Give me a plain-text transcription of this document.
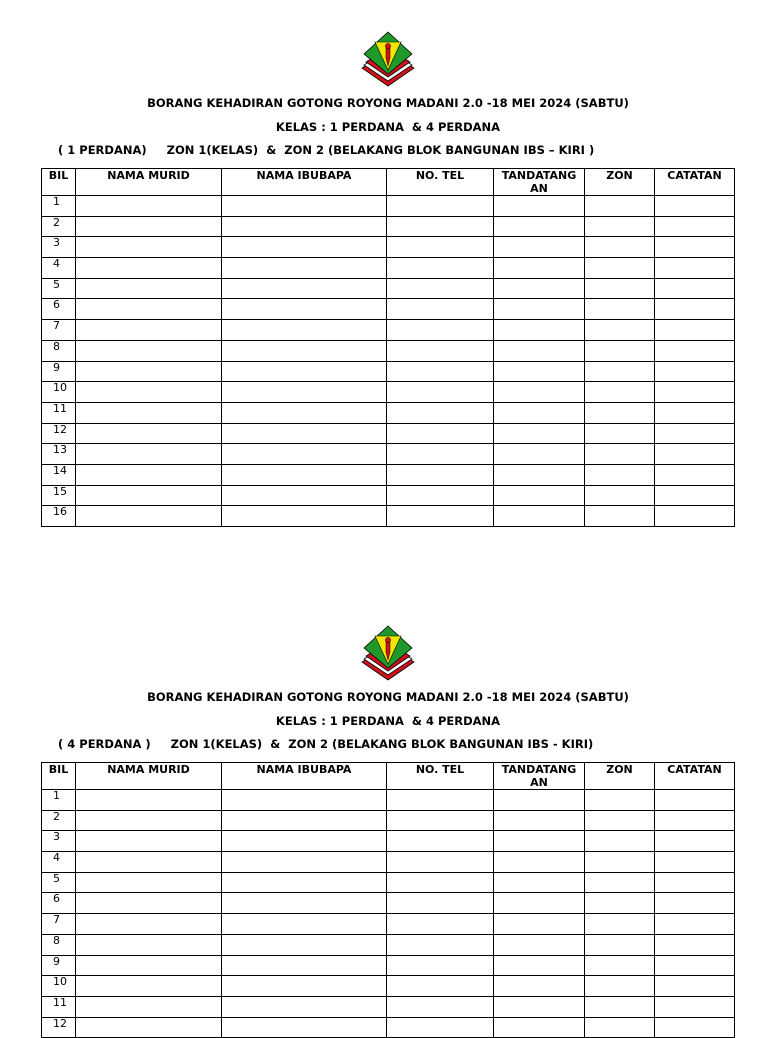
BORANG KEHADIRAN GOTONG ROYONG MADANI 2.0 -18 MEI 2024 (SABTU)
KELAS : 1 PERDANA  & 4 PERDANA
( 1 PERDANA)     ZON 1(KELAS)  &  ZON 2 (BELAKANG BLOK BANGUNAN IBS – KIRI )
BIL	NAMA MURID	NAMA IBUBAPA	NO. TEL	TANDATANG AN	ZON	CATATAN
1						
2						
3						
4						
5						
6						
7						
8						
9						
10						
11						
12						
13						
14						
15						
16						
BORANG KEHADIRAN GOTONG ROYONG MADANI 2.0 -18 MEI 2024 (SABTU)
KELAS : 1 PERDANA  & 4 PERDANA
( 4 PERDANA )     ZON 1(KELAS)  &  ZON 2 (BELAKANG BLOK BANGUNAN IBS - KIRI)
BIL	NAMA MURID	NAMA IBUBAPA	NO. TEL	TANDATANG AN	ZON	CATATAN
1						
2						
3						
4						
5						
6						
7						
8						
9						
10						
11						
12						
